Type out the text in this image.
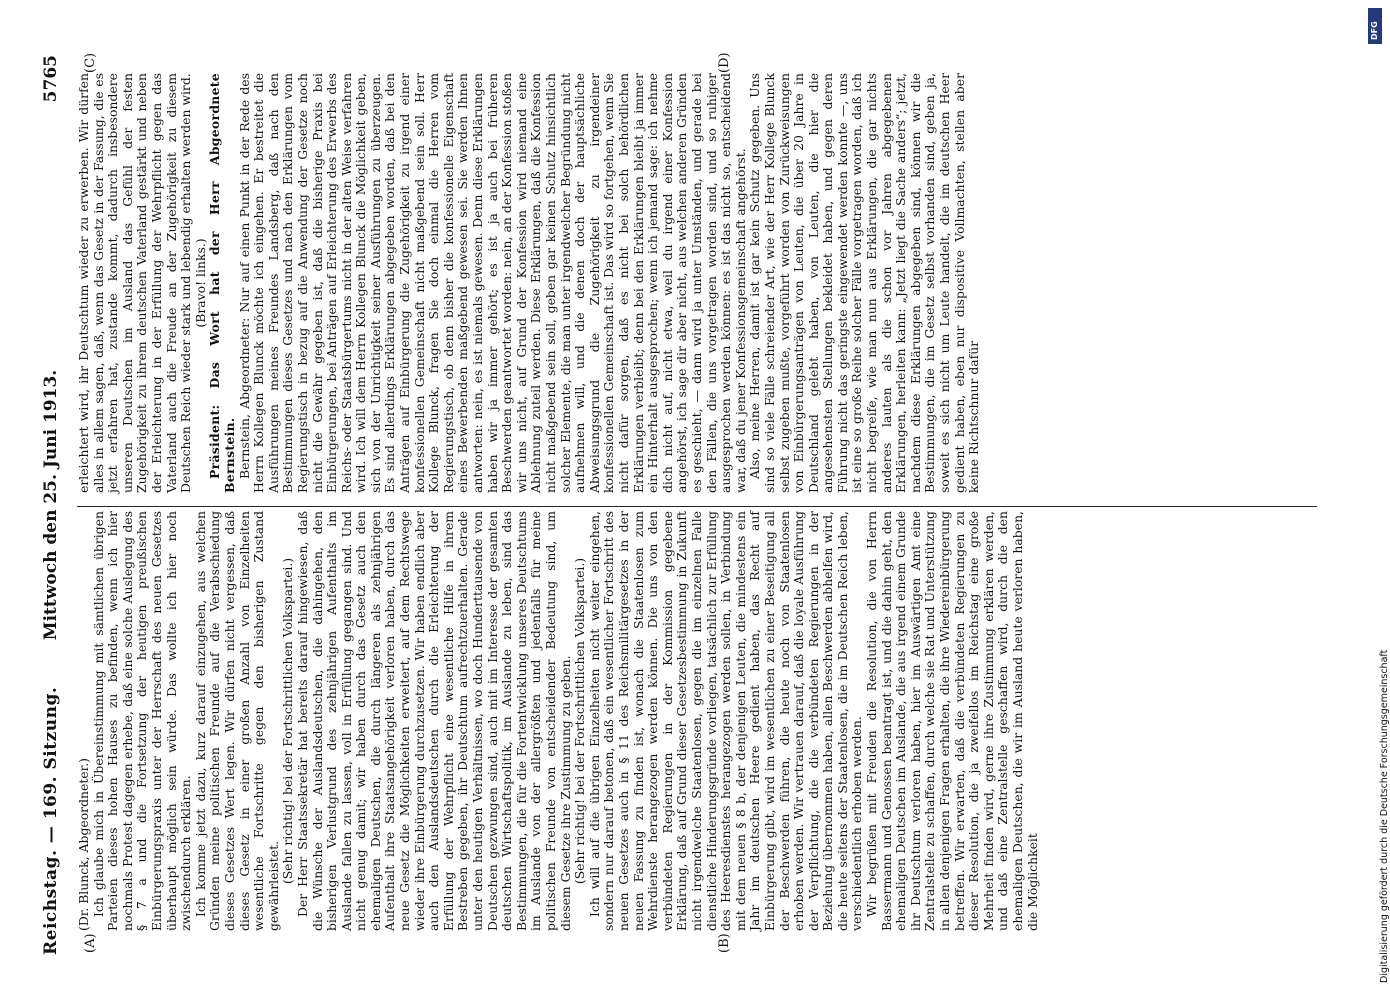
Reichstag. — 169. Sitzung.
Mittwoch den 25. Juni 1913.
5765

(Dr. Blunck, Abgeordneter.) Ich glaube mich in Übereinstimmung mit sämtlichen übrigen Parteien dieses hohen Hauses zu befinden, wenn ich hier nochmals Protest dagegen erhebe, daß eine solche Auslegung des § 7 a und die Fortsetzung der heutigen preußischen Einbürgerungspraxis unter der Herrschaft des neuen Gesetzes überhaupt möglich sein würde. Das wollte ich hier noch zwischendurch erklären. Ich komme jetzt dazu, kurz darauf einzugehen, aus welchen Gründen meine politischen Freunde auf die Verabschiedung dieses Gesetzes Wert legen. Wir dürfen nicht vergessen, daß dieses Gesetz in einer großen Anzahl von Einzelheiten wesentliche Fortschritte gegen den bisherigen Zustand gewährleistet.

(Sehr richtig! bei der Fortschrittlichen Volkspartei.) Der Herr Staatssekretär hat bereits darauf hingewiesen, daß die Wünsche der Auslandsdeutschen, die dahingehen, den bisherigen Verlustgrund des zehnjährigen Aufenthalts im Auslande fallen zu lassen, voll in Erfüllung gegangen sind. Und nicht genug damit; wir haben durch das Gesetz auch den ehemaligen Deutschen, die durch längeren als zehnjährigen Aufenthalt ihre Staatsangehörigkeit verloren haben, durch das neue Gesetz die Möglichkeiten erweitert, auf dem Rechtswege wieder ihre Einbürgerung durchzusetzen. Wir haben endlich aber auch den Auslandsdeutschen durch die Erleichterung der Erfüllung der Wehrpflicht eine wesentliche Hilfe in ihrem Bestreben gegeben, ihr Deutschtum aufrechtzuerhalten. Gerade unter den heutigen Verhältnissen, wo doch Hunderttausende von Deutschen gezwungen sind, auch mit im Interesse der gesamten deutschen Wirtschaftspolitik, im Auslande zu leben, sind das Bestimmungen, die für die Fortentwicklung unseres Deutschtums im Auslande von der allergrößten und jedenfalls für meine politischen Freunde von entscheidender Bedeutung sind, um diesem Gesetze ihre Zustimmung zu geben. (Sehr richtig! bei der Fortschrittlichen Volkspartei.) Ich will auf die übrigen Einzelheiten nicht weiter eingehen, sondern nur darauf betonen, daß ein wesentlicher Fortschritt des neuen Gesetzes auch in § 11 des Reichsmilitärgesetzes in der neuen Fassung zu finden ist, wonach die Staatenlosen zum Wehrdienste herangezogen werden können. Die uns von den verbündeten Regierungen in der Kommission gegebene Erklärung, daß auf Grund dieser Gesetzesbestimmung in Zukunft nicht irgendwelche Staatenlosen, gegen die im einzelnen Falle dienstliche Hinderungsgründe vorliegen, tatsächlich zur Erfüllung des Heeresdienstes herangezogen werden sollen, in Verbindung mit dem neuen § 8 b, der denjenigen Leuten, die mindestens ein Jahr im deutschen Heere gedient haben, das Recht auf Einbürgerung gibt, wird im wesentlichen zu einer Beseitigung all der Beschwerden führen, die heute noch von Staatenlosen erhoben werden. Wir vertrauen darauf, daß die loyale Ausführung der Verpflichtung, die die verbündeten Regierungen in der Beziehung übernommen haben, allen Beschwerden abhelfen wird, die heute seitens der Staatenlosen, die im Deutschen Reich leben, verschiedentlich erhoben werden. Wir begrüßen mit Freuden die Resolution, die von Herrn Bassermann und Genossen beantragt ist, und die dahin geht, den ehemaligen Deutschen im Auslande, die aus irgend einem Grunde ihr Deutschtum verloren haben, hier im Auswärtigen Amt eine Zentralstelle zu schaffen, durch welche sie Rat und Unterstützung in allen denjenigen Fragen erhalten, die ihre Wiedereinbürgerung betreffen. Wir erwarten, daß die verbündeten Regierungen zu dieser Resolution, die ja zweifellos im Reichstag eine große Mehrheit finden wird, gerne ihre Zustimmung erklären werden, und daß eine Zentralstelle geschaffen wird, durch die den ehemaligen Deutschen, die wir im Ausland heute verloren haben, die Möglichkeit

erleichtert wird, ihr Deutschtum wieder zu erwerben. Wir dürfen alles in allem sagen, daß, wenn das Gesetz in der Fassung, die es jetzt erfahren hat, zustande kommt, dadurch insbesondere unseren Deutschen im Ausland das Gefühl der festen Zugehörigkeit zu ihrem deutschen Vaterland gestärkt und neben der Erleichterung in der Erfüllung der Wehrpflicht gegen das Vaterland auch die Freude an der Zugehörigkeit zu diesem Deutschen Reich wieder stark und lebendig erhalten werden wird. (Bravo! links.) Präsident: Das Wort hat der Herr Abgeordnete Bernstein. Bernstein, Abgeordneter: Nur auf einen Punkt in der Rede des Herrn Kollegen Blunck möchte ich eingehen. Er bestreitet die Ausführungen meines Freundes Landsberg, daß nach den Bestimmungen dieses Gesetzes und nach den Erklärungen vom Regierungstisch in bezug auf die Anwendung der Gesetze noch nicht die Gewähr gegeben ist, daß die bisherige Praxis bei Einbürgerungen, bei Anträgen auf Erleichterung des Erwerbs des Reichs- oder Staatsbürgertums nicht in der alten Weise verfahren wird. Ich will dem Herrn Kollegen Blunck die Möglichkeit geben, sich von der Unrichtigkeit seiner Ausführungen zu überzeugen. Es sind allerdings Erklärungen abgegeben worden, daß bei den Anträgen auf Einbürgerung die Zugehörigkeit zu irgend einer konfessionellen Gemeinschaft nicht maßgebend sein soll. Herr Kollege Blunck, fragen Sie doch einmal die Herren vom Regierungstisch, ob denn bisher die konfessionelle Eigenschaft eines Bewerbenden maßgebend gewesen sei. Sie werden Ihnen antworten: nein, es ist niemals gewesen. Denn diese Erklärungen haben wir ja immer gehört; es ist ja auch bei früheren Beschwerden geantwortet worden: nein, an der Konfession stoßen wir uns nicht, auf Grund der Konfession wird niemand eine Ablehnung zuteil werden. Diese Erklärungen, daß die Konfession nicht maßgebend sein soll, geben gar keinen Schutz hinsichtlich solcher Elemente, die man unter irgendwelcher Begründung nicht aufnehmen will, und die denen doch der hauptsächliche Abweisungsgrund die Zugehörigkeit zu irgendeiner konfessionellen Gemeinschaft ist. Das wird so fortgehen, wenn Sie nicht dafür sorgen, daß es nicht bei solch behördlichen Erklärungen verbleibt; denn bei den Erklärungen bleibt ja immer ein Hinterhalt ausgesprochen; wenn ich jemand sage: ich nehme dich nicht auf, nicht etwa, weil du irgend einer Konfession angehörst, ich sage dir aber nicht, aus welchen anderen Gründen es geschieht, — dann wird ja unter Umständen, und gerade bei den Fällen, die uns vorgetragen worden sind, und so ruhiger ausgesprochen werden können: es ist das nicht so, entscheidend war, daß du jener Konfessionsgemeinschaft angehörst. Also, meine Herren, damit ist gar kein Schutz gegeben. Uns sind so viele Fälle schreiender Art, wie der Herr Kollege Blunck selbst zugeben mußte, vorgeführt worden von Zurückweisungen von Einbürgerungsanträgen von Leuten, die über 20 Jahre in Deutschland gelebt haben, von Leuten, die hier die angesehensten Stellungen bekleidet haben, und gegen deren Führung nicht das geringste eingewendet werden konnte —, uns ist eine so große Reihe solcher Fälle vorgetragen worden, daß ich nicht begreife, wie man nun aus Erklärungen, die gar nichts anderes lauten als die schon vor Jahren abgegebenen Erklärungen, herleiten kann: „Jetzt liegt die Sache anders“; jetzt, nachdem diese Erklärungen abgegeben sind, können wir die Bestimmungen, die im Gesetz selbst vorhanden sind, geben ja, soweit es sich nicht um Leute handelt, die im deutschen Heer gedient haben, eben nur dispositive Vollmachten, stellen aber keine Richtschnur dafür

(A)	(B)
(C)	(D)
DFG
Digitalisierung gefördert durch die Deutsche Forschungsgemeinschaft
